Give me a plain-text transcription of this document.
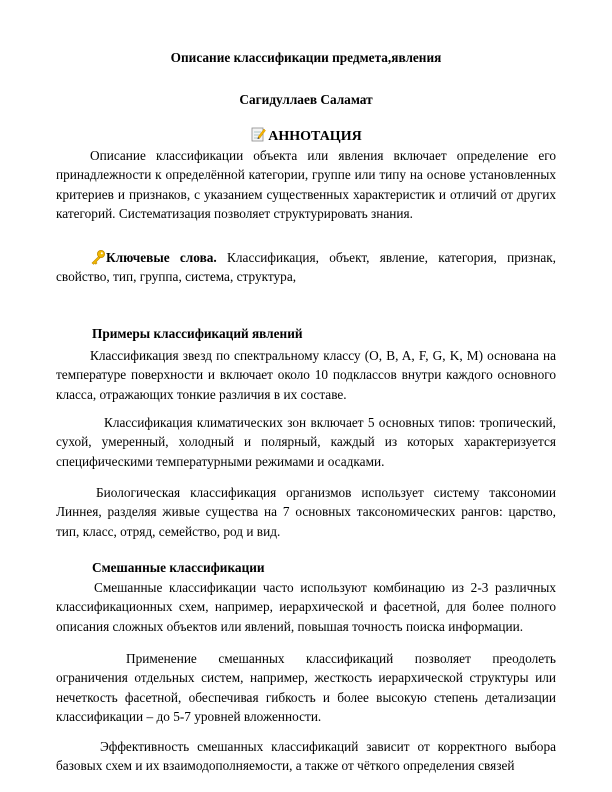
Описание классификации предмета,явления
Сагидуллаев Саламат
АННОТАЦИЯ

Описание классификации объекта или явления включает определение его принадлежности к определённой категории, группе или типу на основе установленных критериев и признаков, с указанием существенных характеристик и отличий от других категорий. Систематизация позволяет структурировать знания.

Ключевые слова. Классификация, объект, явление, категория, признак, свойство, тип, группа, система, структура,

Примеры классификаций явлений

Классификация звезд по спектральному классу (O, B, A, F, G, K, M) основана на температуре поверхности и включает около 10 подклассов внутри каждого основного класса, отражающих тонкие различия в их составе.

Классификация климатических зон включает 5 основных типов: тропический, сухой, умеренный, холодный и полярный, каждый из которых характеризуется специфическими температурными режимами и осадками.

Биологическая классификация организмов использует систему таксономии Линнея, разделяя живые существа на 7 основных таксономических рангов: царство, тип, класс, отряд, семейство, род и вид.

Смешанные классификации

Смешанные классификации часто используют комбинацию из 2-3 различных классификационных схем, например, иерархической и фасетной, для более полного описания сложных объектов или явлений, повышая точность поиска информации.

Применение смешанных классификаций позволяет преодолеть ограничения отдельных систем, например, жесткость иерархической структуры или нечеткость фасетной, обеспечивая гибкость и более высокую степень детализации классификации – до 5-7 уровней вложенности.

Эффективность смешанных классификаций зависит от корректного выбора базовых схем и их взаимодополняемости, а также от чёткого определения связей
